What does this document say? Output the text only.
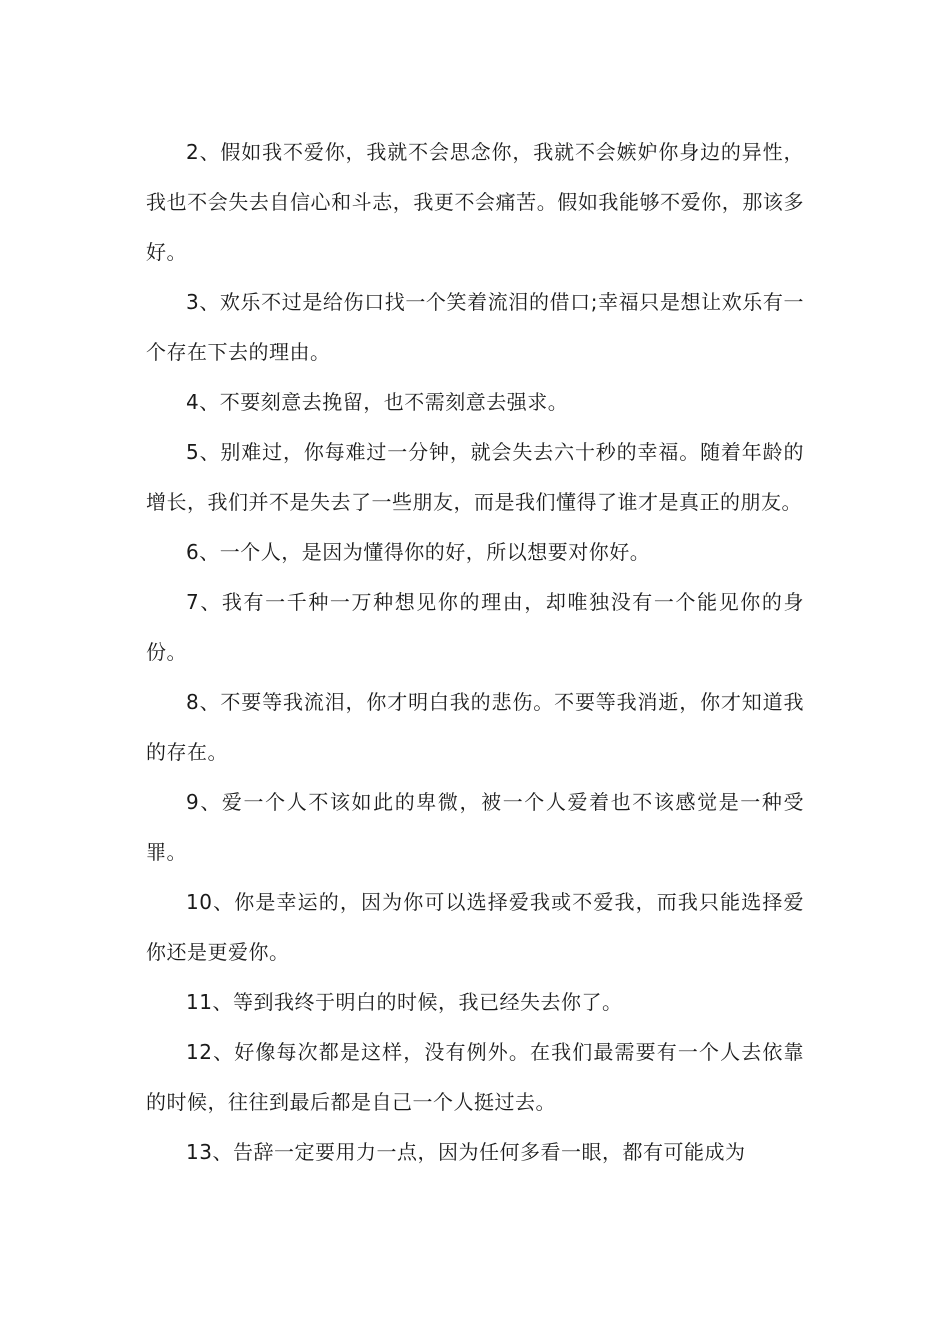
2、假如我不爱你，我就不会思念你，我就不会嫉妒你身边的异性，我也不会失去自信心和斗志，我更不会痛苦。假如我能够不爱你，那该多好。

3、欢乐不过是给伤口找一个笑着流泪的借口;幸福只是想让欢乐有一个存在下去的理由。

4、不要刻意去挽留，也不需刻意去强求。

5、别难过，你每难过一分钟，就会失去六十秒的幸福。随着年龄的增长，我们并不是失去了一些朋友，而是我们懂得了谁才是真正的朋友。

6、一个人，是因为懂得你的好，所以想要对你好。

7、我有一千种一万种想见你的理由，却唯独没有一个能见你的身份。

8、不要等我流泪，你才明白我的悲伤。不要等我消逝，你才知道我的存在。

9、爱一个人不该如此的卑微，被一个人爱着也不该感觉是一种受罪。

10、你是幸运的，因为你可以选择爱我或不爱我，而我只能选择爱你还是更爱你。

11、等到我终于明白的时候，我已经失去你了。

12、好像每次都是这样，没有例外。在我们最需要有一个人去依靠的时候，往往到最后都是自己一个人挺过去。

13、告辞一定要用力一点，因为任何多看一眼，都有可能成为
